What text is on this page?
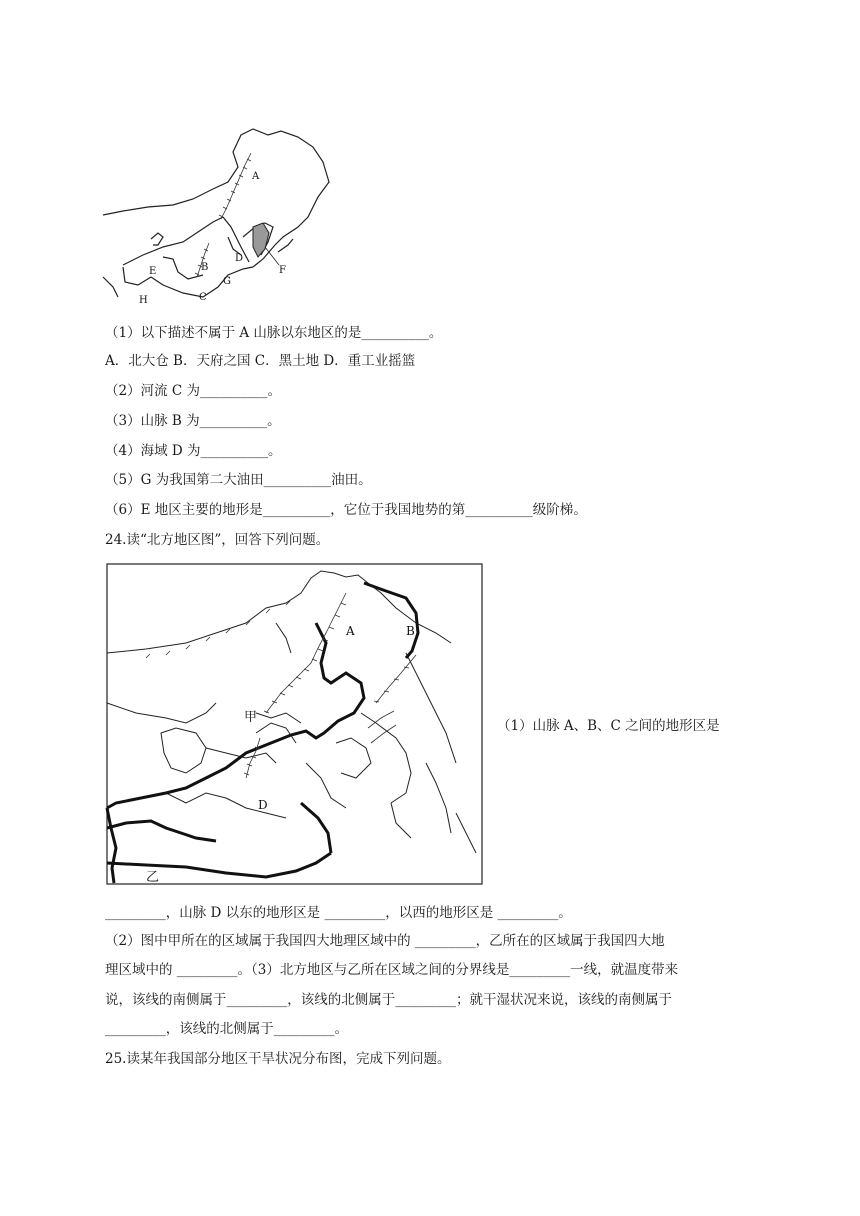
A
B
C
D
E	F
G
H
（1）以下描述不属于 A 山脉以东地区的是__________。
A．北大仓 B．天府之国 C．黑土地 D．重工业摇篮
（2）河流 C 为__________。
（3）山脉 B 为__________。
（4）海域 D 为__________。
（5）G 为我国第二大油田__________油田。
（6）E 地区主要的地形是__________，它位于我国地势的第__________级阶梯。
24.读“北方地区图”，回答下列问题。
A	B
D
甲
乙
（1）山脉 A、B、C 之间的地形区是
_________，山脉 D 以东的地形区是 _________，以西的地形区是 _________。
（2）图中甲所在的区域属于我国四大地理区域中的 _________，乙所在的区域属于我国四大地
理区域中的 _________。（3）北方地区与乙所在区域之间的分界线是_________一线，就温度带来
说，该线的南侧属于_________，该线的北侧属于_________；就干湿状况来说，该线的南侧属于
_________，该线的北侧属于_________。
25.读某年我国部分地区干旱状况分布图，完成下列问题。
